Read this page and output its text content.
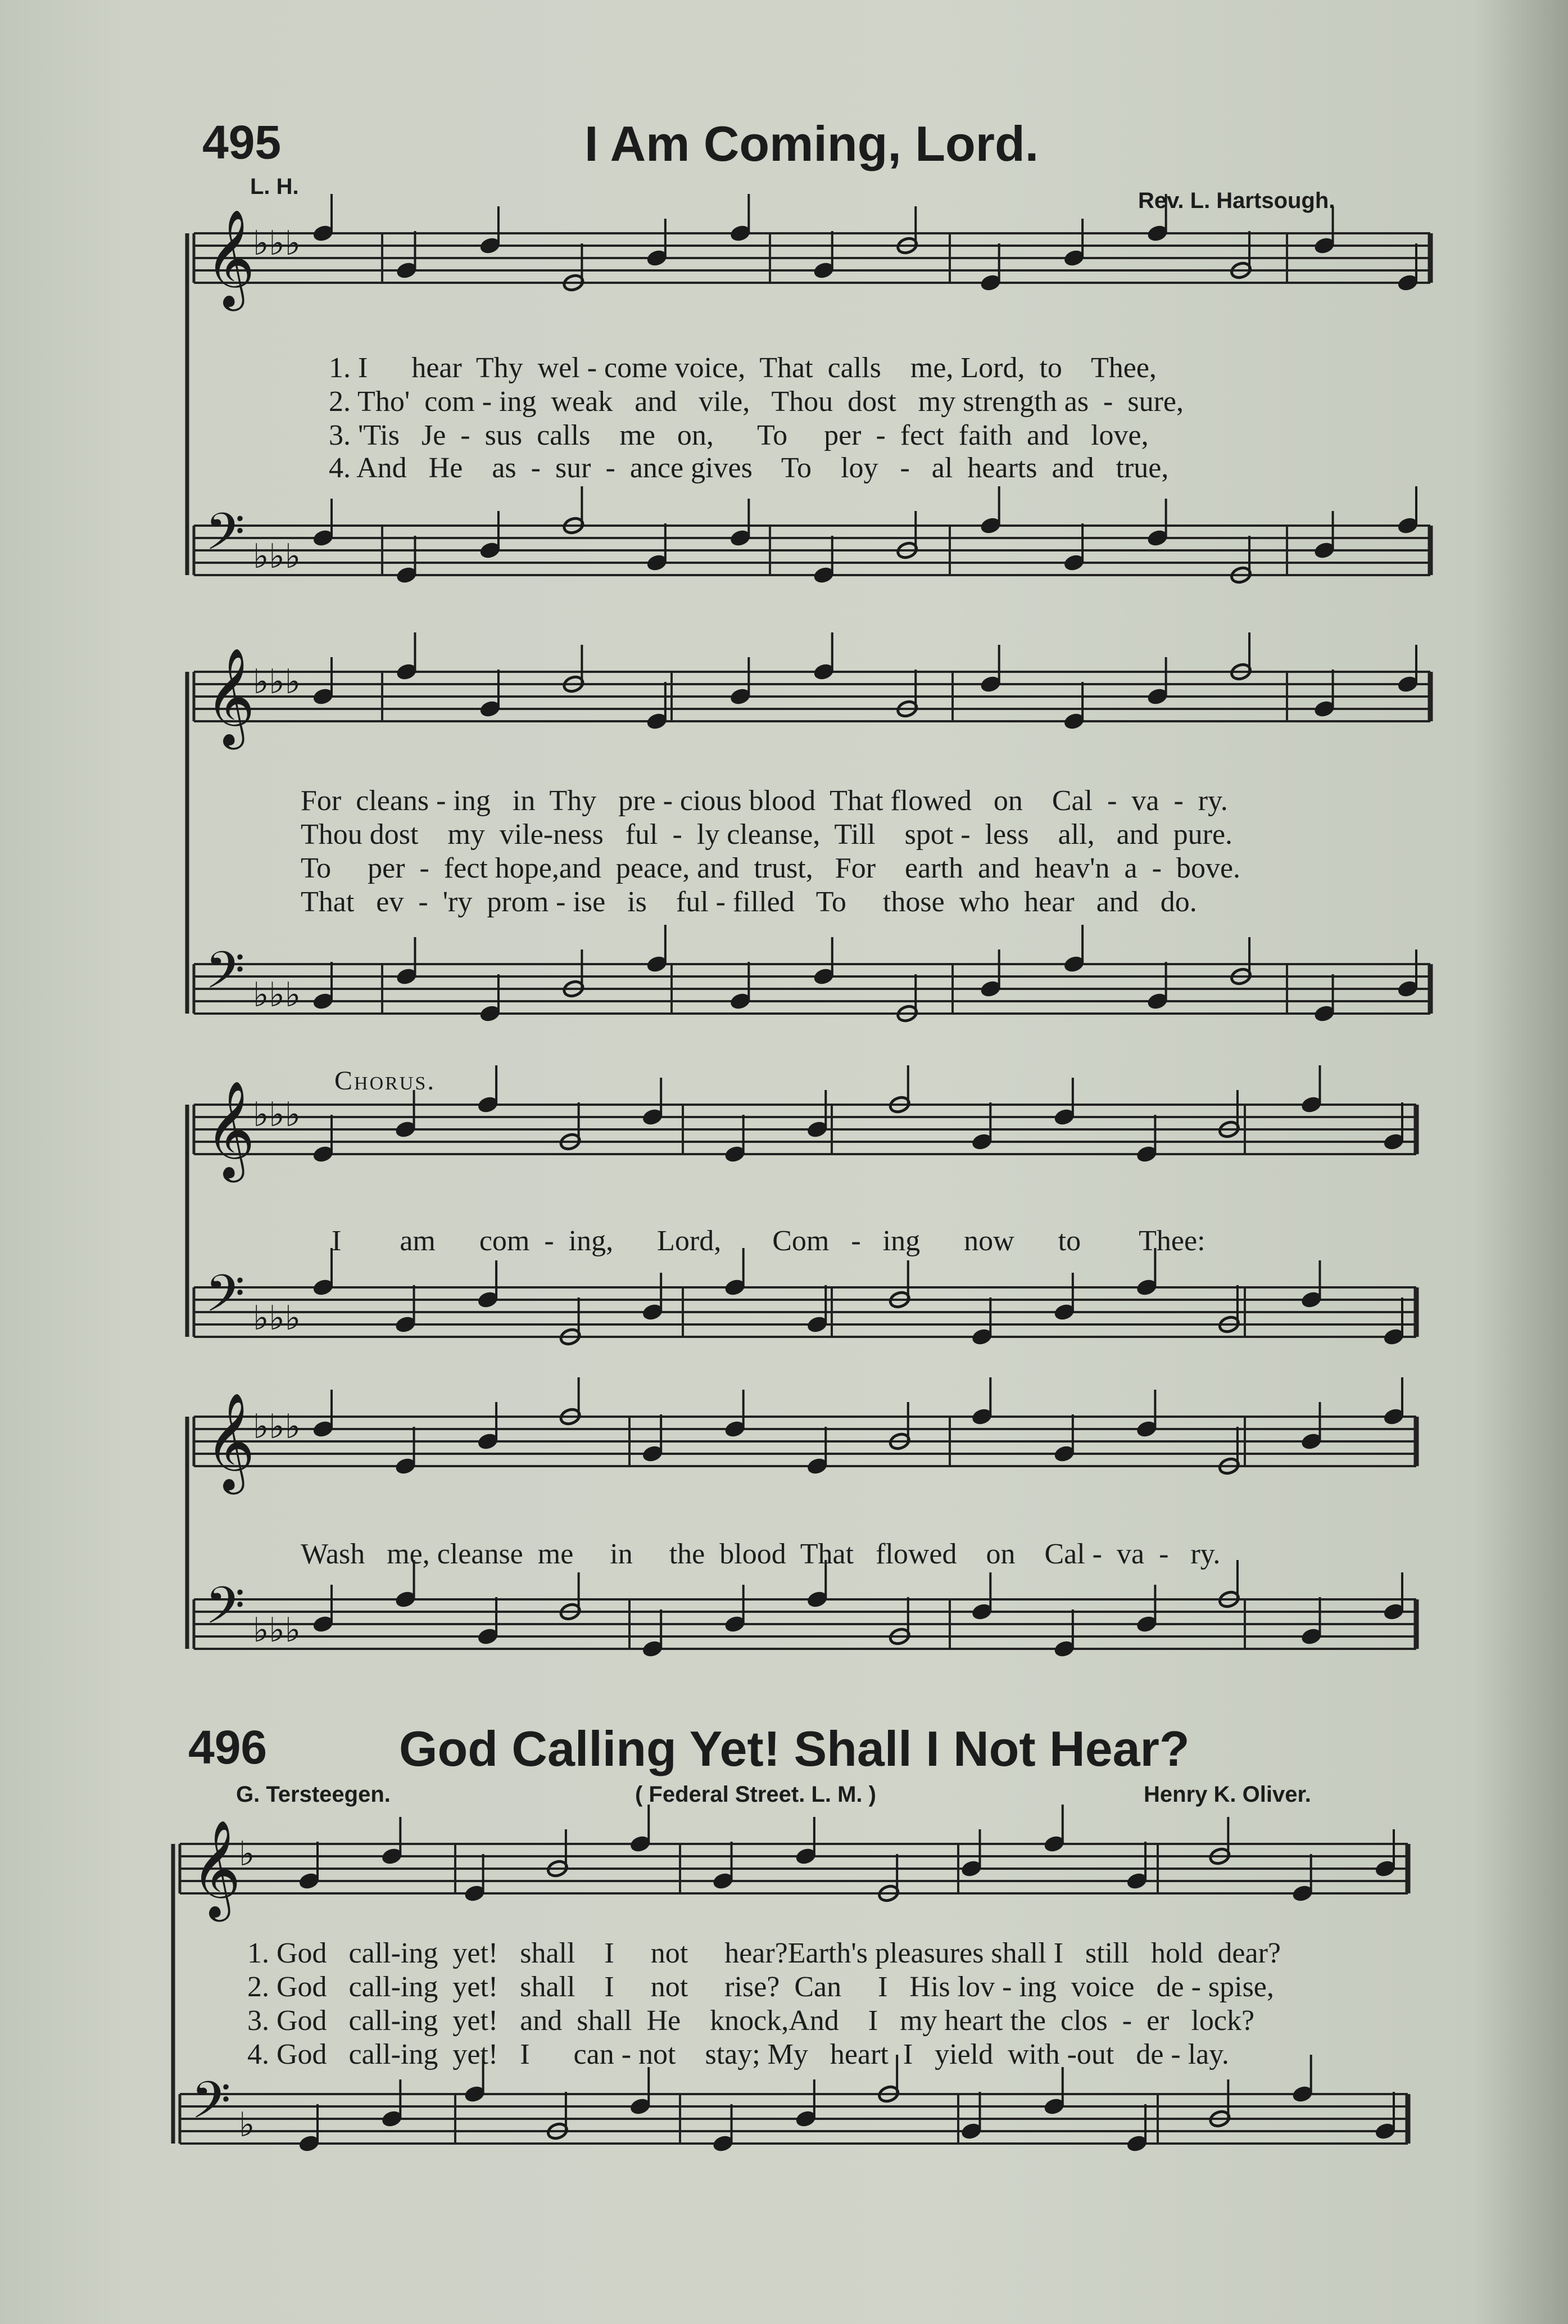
𝄞
♭♭♭
𝄢 ♭♭♭
𝄞
♭♭♭
𝄢 ♭♭♭
𝄞
♭♭♭
𝄢 ♭♭♭
𝄞
♭♭♭
𝄢 ♭♭♭
𝄞
♭
𝄢 ♭
495	I Am Coming, Lord.
L. H.
Rev. L. Hartsough.
1. I      hear  Thy  wel - come voice,  That  calls    me, Lord,  to    Thee,
2. Tho'  com - ing  weak   and   vile,   Thou  dost   my strength as  -  sure,
3. 'Tis   Je  -  sus  calls    me   on,      To     per  -  fect  faith  and   love,
4. And   He    as  -  sur  -  ance gives    To    loy   -   al  hearts  and   true,
For  cleans - ing   in  Thy   pre - cious blood  That flowed   on    Cal  -  va  -  ry.
Thou dost    my  vile-ness   ful  -  ly cleanse,  Till    spot -  less    all,   and  pure.
To     per  -  fect hope,and  peace, and  trust,   For    earth  and  heav'n  a  -  bove.
That   ev  -  'ry  prom - ise   is    ful - filled   To     those  who  hear   and   do.
Chorus.
I        am      com  -  ing,      Lord,       Com   -   ing      now      to        Thee:
Wash   me, cleanse  me     in     the  blood  That   flowed    on    Cal -  va  -   ry.
496	God Calling Yet! Shall I Not Hear?
G. Tersteegen.	( Federal Street. L. M. )	Henry K. Oliver.
1. God   call-ing  yet!   shall    I     not     hear?Earth's pleasures shall I   still   hold  dear?
2. God   call-ing  yet!   shall    I     not     rise?  Can     I   His lov - ing  voice   de - spise,
3. God   call-ing  yet!   and  shall  He    knock,And    I   my heart the  clos  -  er   lock?
4. God   call-ing  yet!   I      can - not    stay; My   heart  I   yield  with -out   de - lay.
